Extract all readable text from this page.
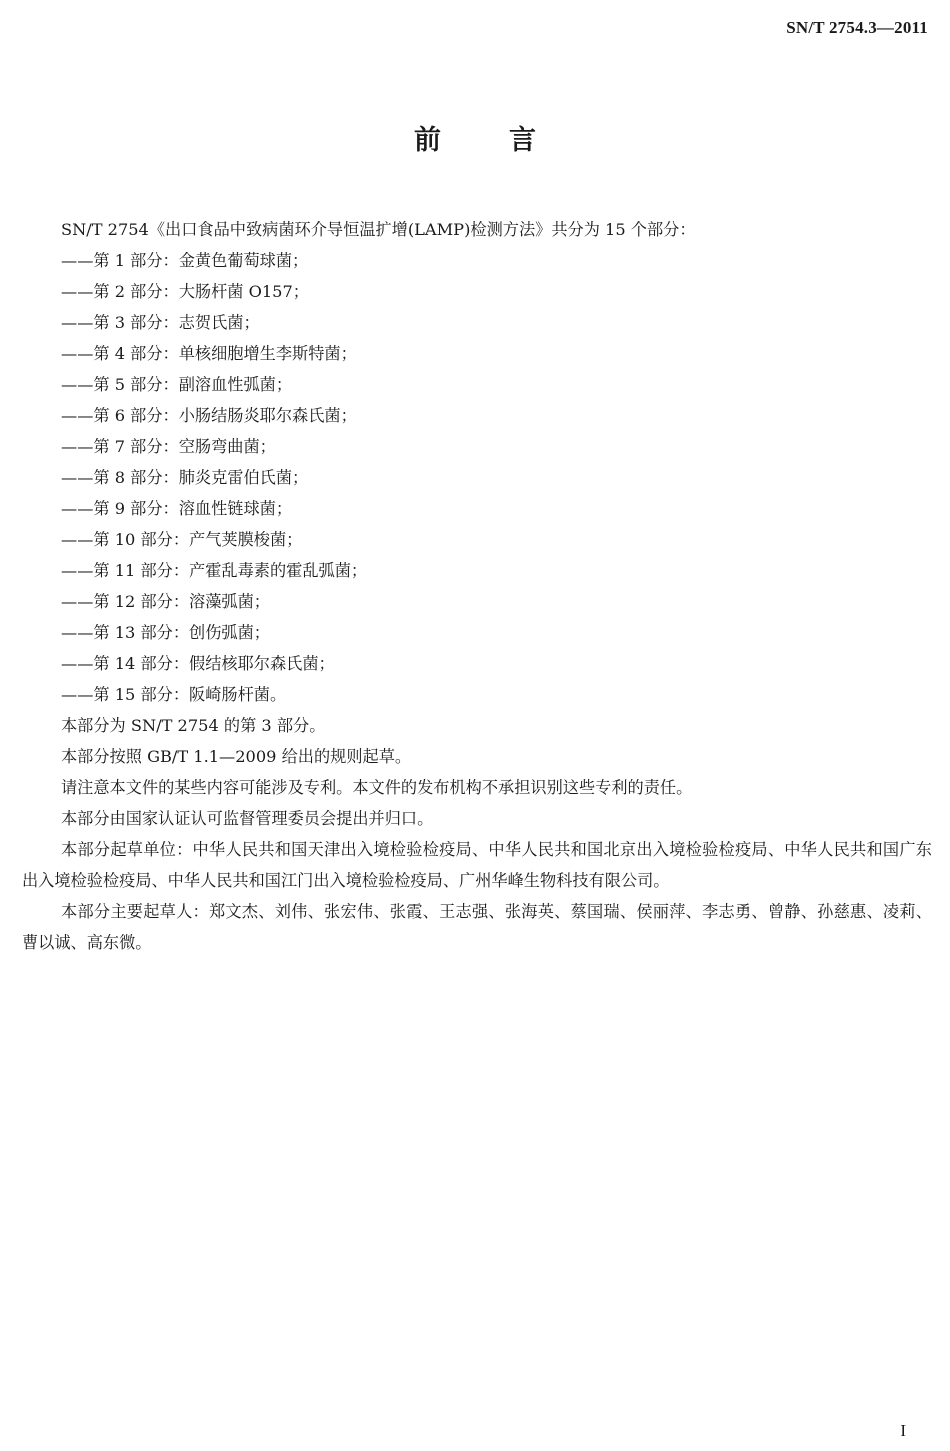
SN/T 2754.3—2011
前言

SN/T 2754《出口食品中致病菌环介导恒温扩增(LAMP)检测方法》共分为 15 个部分：

——第 1 部分：金黄色葡萄球菌；

——第 2 部分：大肠杆菌 O157；

——第 3 部分：志贺氏菌；

——第 4 部分：单核细胞增生李斯特菌；

——第 5 部分：副溶血性弧菌；

——第 6 部分：小肠结肠炎耶尔森氏菌；

——第 7 部分：空肠弯曲菌；

——第 8 部分：肺炎克雷伯氏菌；

——第 9 部分：溶血性链球菌；

——第 10 部分：产气荚膜梭菌；

——第 11 部分：产霍乱毒素的霍乱弧菌；

——第 12 部分：溶藻弧菌；

——第 13 部分：创伤弧菌；

——第 14 部分：假结核耶尔森氏菌；

——第 15 部分：阪崎肠杆菌。

本部分为 SN/T 2754 的第 3 部分。

本部分按照 GB/T 1.1—2009 给出的规则起草。

请注意本文件的某些内容可能涉及专利。本文件的发布机构不承担识别这些专利的责任。

本部分由国家认证认可监督管理委员会提出并归口。

本部分起草单位：中华人民共和国天津出入境检验检疫局、中华人民共和国北京出入境检验检疫局、中华人民共和国广东出入境检验检疫局、中华人民共和国江门出入境检验检疫局、广州华峰生物科技有限公司。

本部分主要起草人：郑文杰、刘伟、张宏伟、张霞、王志强、张海英、蔡国瑞、侯丽萍、李志勇、曾静、孙慈惠、凌莉、曹以诚、高东微。

I
